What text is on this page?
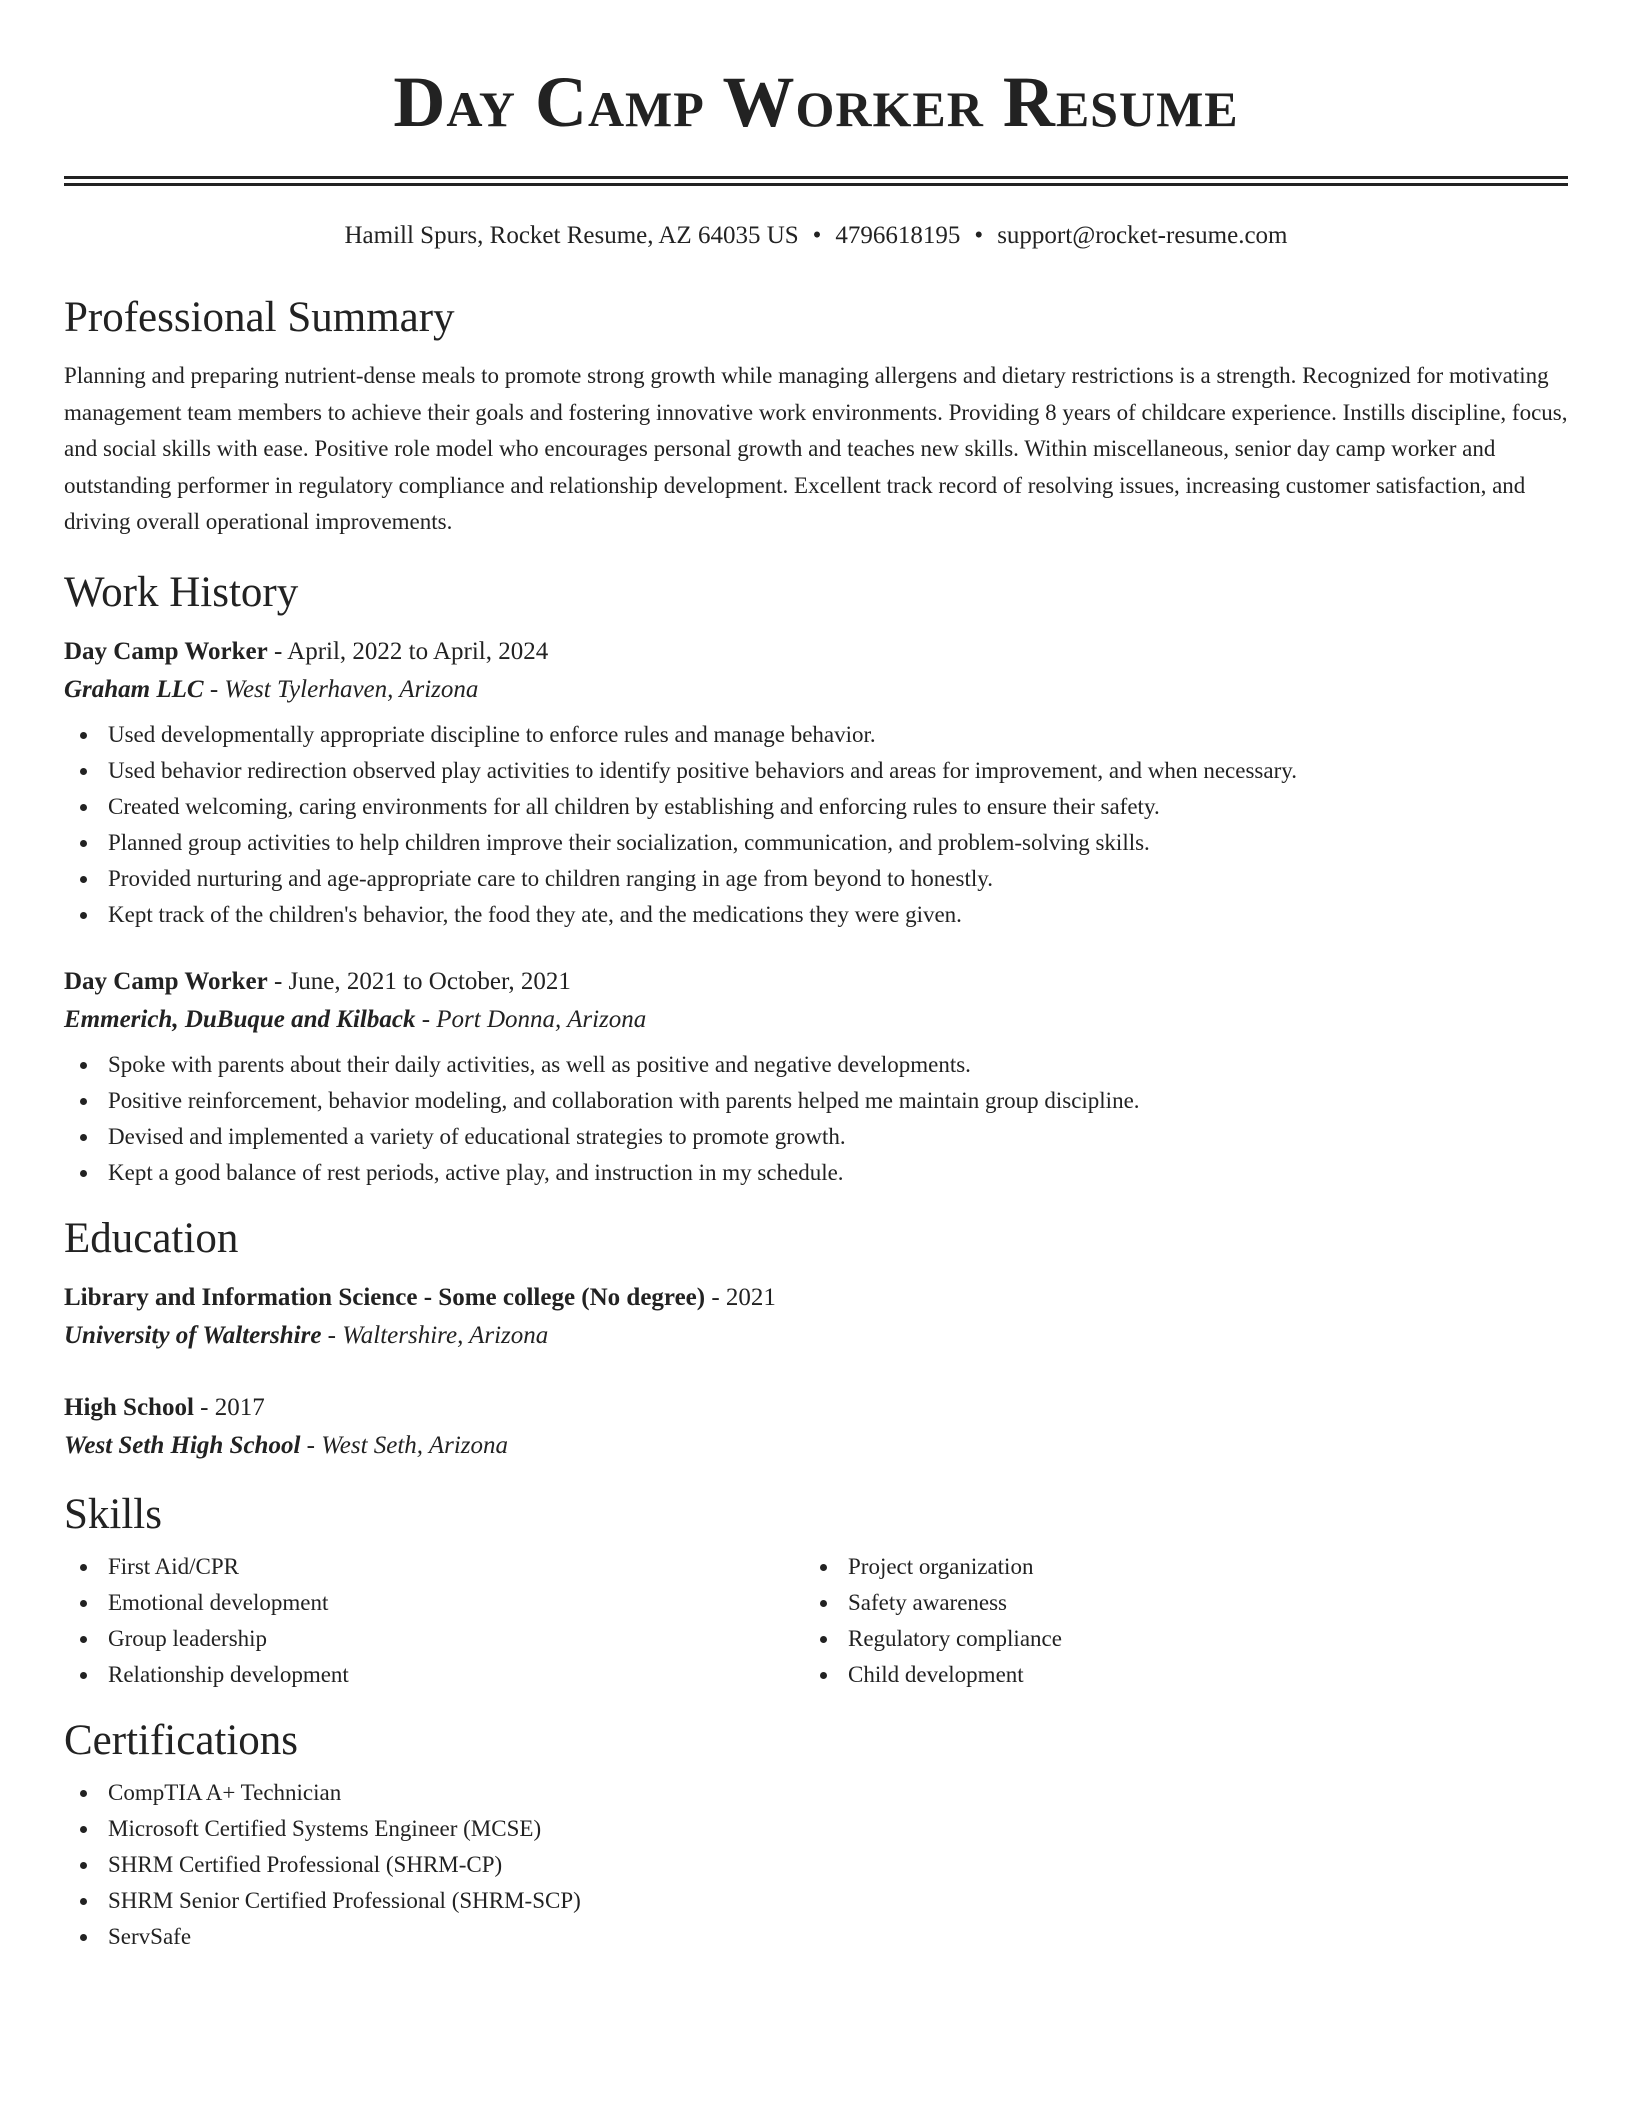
Day Camp Worker Resume
Hamill Spurs, Rocket Resume, AZ 64035 US • 4796618195 • support@rocket-resume.com
Professional Summary
Planning and preparing nutrient-dense meals to promote strong growth while managing allergens and dietary restrictions is a strength. Recognized for motivating management team members to achieve their goals and fostering innovative work environments. Providing 8 years of childcare experience. Instills discipline, focus, and social skills with ease. Positive role model who encourages personal growth and teaches new skills. Within miscellaneous, senior day camp worker and outstanding performer in regulatory compliance and relationship development. Excellent track record of resolving issues, increasing customer satisfaction, and driving overall operational improvements.
Work History
Day Camp Worker - April, 2022 to April, 2024
Graham LLC - West Tylerhaven, Arizona
Used developmentally appropriate discipline to enforce rules and manage behavior.
Used behavior redirection observed play activities to identify positive behaviors and areas for improvement, and when necessary.
Created welcoming, caring environments for all children by establishing and enforcing rules to ensure their safety.
Planned group activities to help children improve their socialization, communication, and problem-solving skills.
Provided nurturing and age-appropriate care to children ranging in age from beyond to honestly.
Kept track of the children's behavior, the food they ate, and the medications they were given.
Day Camp Worker - June, 2021 to October, 2021
Emmerich, DuBuque and Kilback - Port Donna, Arizona
Spoke with parents about their daily activities, as well as positive and negative developments.
Positive reinforcement, behavior modeling, and collaboration with parents helped me maintain group discipline.
Devised and implemented a variety of educational strategies to promote growth.
Kept a good balance of rest periods, active play, and instruction in my schedule.
Education
Library and Information Science - Some college (No degree) - 2021
University of Waltershire - Waltershire, Arizona
High School - 2017
West Seth High School - West Seth, Arizona
Skills
First Aid/CPR
Emotional development
Group leadership
Relationship development
Project organization
Safety awareness
Regulatory compliance
Child development
Certifications
CompTIA A+ Technician
Microsoft Certified Systems Engineer (MCSE)
SHRM Certified Professional (SHRM-CP)
SHRM Senior Certified Professional (SHRM-SCP)
ServSafe
